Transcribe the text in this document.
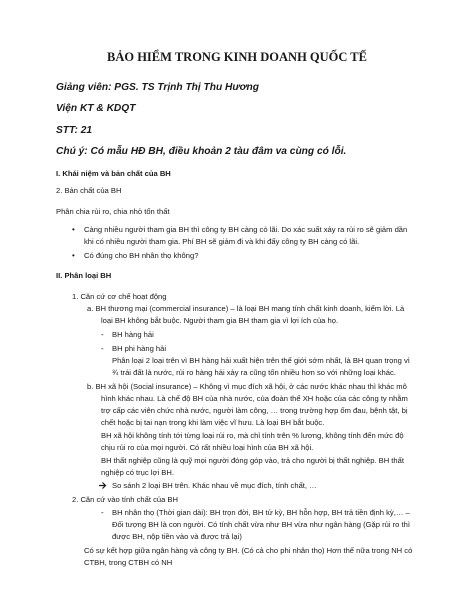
BẢO HIỂM TRONG KINH DOANH QUỐC TẾ
Giảng viên: PGS. TS Trịnh Thị Thu Hương
Viện KT & KDQT
STT: 21
Chú ý: Có mẫu HĐ BH, điều khoản 2 tàu đâm va cùng có lỗi.
I. Khái niệm và bản chất của BH
2. Bản chất của BH
Phân chia rủi ro, chia nhỏ tổn thất
• Càng nhiều người tham gia BH thì công ty BH càng có lãi. Do xác suất xảy ra rủi ro sẽ giảm dần
khi có nhiều người tham gia. Phí BH sẽ giảm đi và khi đấy công ty BH càng có lãi.
• Có đúng cho BH nhân thọ không?
II. Phân loại BH
1. Căn cứ cơ chế hoạt động
a. BH thương mại (commercial insurance) – là loại BH mang tính chất kinh doanh, kiếm lời. Là
loại BH không bắt buộc. Người tham gia BH tham gia vì lợi ích của họ.
- BH hàng hải
- BH phi hàng hải
Phân loại 2 loại trên vì BH hàng hải xuất hiện trên thế giới sớm nhất, là BH quan trọng vì
¾ trái đất là nước, rủi ro hàng hải xảy ra cũng tốn nhiều hơn so với những loại khác.
b. BH xã hội (Social insurance) – Không vì mục đích xã hội, ở các nước khác nhau thì khác mô
hình khác nhau. Là chế độ BH của nhà nước, của đoàn thể XH hoặc của các công ty nhằm
trợ cấp các viên chức nhà nước, người làm công, … trong trường hợp ốm đau, bệnh tật, bị
chết hoặc bị tai nạn trong khi làm việc vĩ hưu. Là loại BH bắt buộc.
BH xã hội không tính tới từng loại rủi ro, mà chỉ tính trên % lương, không tính đến mức độ
chịu rủi ro của mọi người. Có rất nhiều loại hình của BH xã hội.
BH thất nghiệp cũng là quỹ mọi người đóng góp vào, trả cho người bị thất nghiệp. BH thất
nghiệp có trục lợi BH.
So sánh 2 loại BH trên. Khác nhau về mục đích, tính chất, …
2. Căn cứ vào tính chất của BH
- BH nhân thọ (Thời gian dài): BH trọn đời, BH tử kỳ, BH hỗn hợp, BH trả tiền định kỳ,… –
Đối tượng BH là con người. Có tính chất vừa như BH vừa như ngân hàng (Gặp rủi ro thì
được BH, nộp tiền vào và được trả lại)
Có sự kết hợp giữa ngân hàng và công ty BH. (Có cả cho phi nhân thọ) Hơn thế nữa trong NH có
CTBH, trong CTBH có NH
